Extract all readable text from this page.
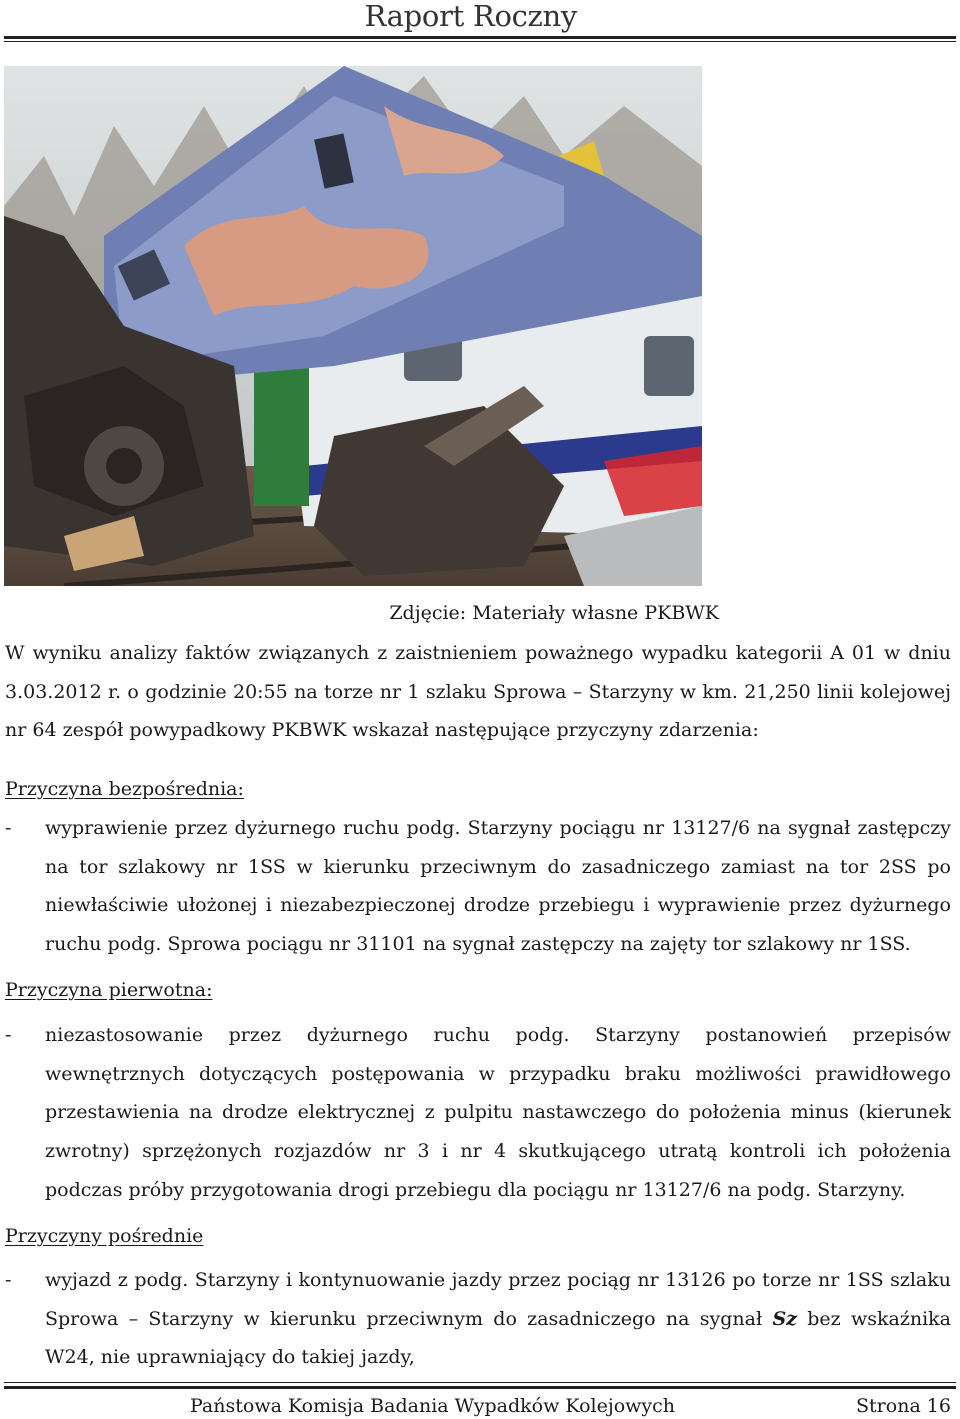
Raport Roczny
Zdjęcie: Materiały własne PKBWK
W wyniku analizy faktów związanych z zaistnieniem poważnego wypadku kategorii A 01 w dniu 3.03.2012 r. o godzinie 20:55 na torze nr 1 szlaku Sprowa – Starzyny w km. 21,250 linii kolejowej nr 64 zespół powypadkowy PKBWK wskazał następujące przyczyny zdarzenia:
Przyczyna bezpośrednia:
- wyprawienie przez dyżurnego ruchu podg. Starzyny pociągu nr 13127/6 na sygnał zastępczy na tor szlakowy nr 1SS w kierunku przeciwnym do zasadniczego zamiast na tor 2SS po niewłaściwie ułożonej i niezabezpieczonej drodze przebiegu i wyprawienie przez dyżurnego ruchu podg. Sprowa pociągu nr 31101 na sygnał zastępczy na zajęty tor szlakowy nr 1SS.
Przyczyna pierwotna:
- niezastosowanie przez dyżurnego ruchu podg. Starzyny postanowień przepisów wewnętrznych dotyczących postępowania w przypadku braku możliwości prawidłowego przestawienia na drodze elektrycznej z pulpitu nastawczego do położenia minus (kierunek zwrotny) sprzężonych rozjazdów nr 3 i nr 4 skutkującego utratą kontroli ich położenia podczas próby przygotowania drogi przebiegu dla pociągu nr 13127/6 na podg. Starzyny.
Przyczyny pośrednie
- wyjazd z podg. Starzyny i kontynuowanie jazdy przez pociąg nr 13126 po torze nr 1SS szlaku Sprowa – Starzyny w kierunku przeciwnym do zasadniczego na sygnał Sz bez wskaźnika W24, nie uprawniający do takiej jazdy,
Państowa Komisja Badania Wypadków Kolejowych	Strona 16
